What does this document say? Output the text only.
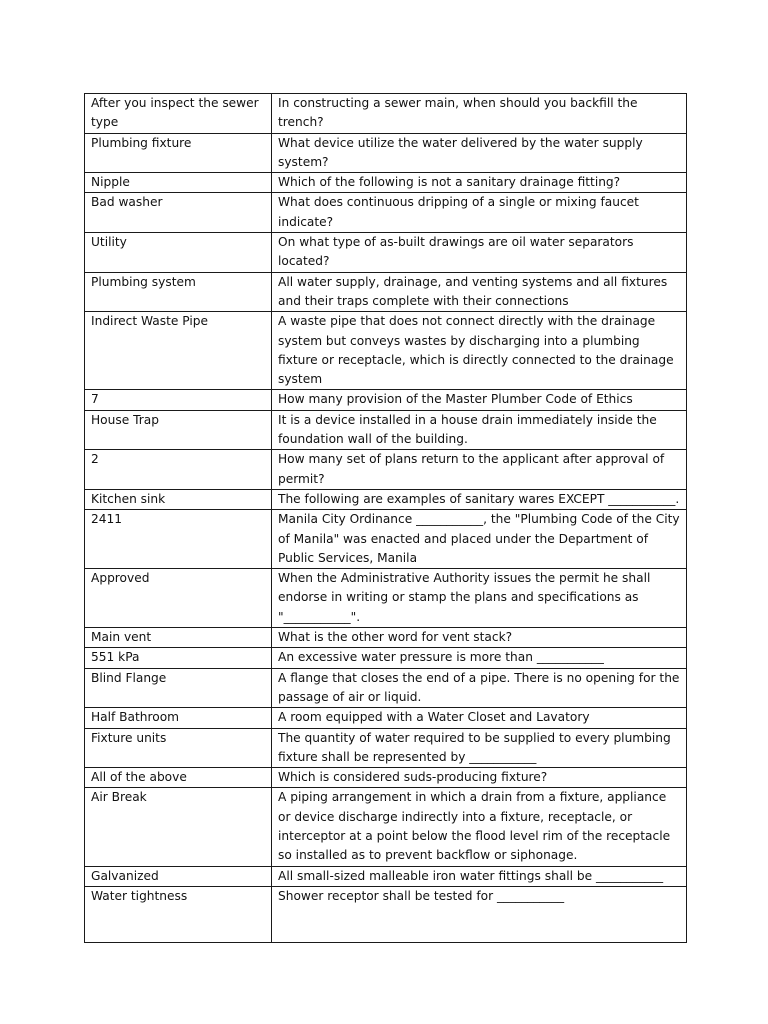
After you inspect the sewer type	In constructing a sewer main, when should you backfill the trench?
Plumbing fixture	What device utilize the water delivered by the water supply system?
Nipple	Which of the following is not a sanitary drainage fitting?
Bad washer	What does continuous dripping of a single or mixing faucet indicate?
Utility	On what type of as-built drawings are oil water separators located?
Plumbing system	All water supply, drainage, and venting systems and all fixtures and their traps complete with their connections
Indirect Waste Pipe	A waste pipe that does not connect directly with the drainage system but conveys wastes by discharging into a plumbing fixture or receptacle, which is directly connected to the drainage system
7	How many provision of the Master Plumber Code of Ethics
House Trap	It is a device installed in a house drain immediately inside the foundation wall of the building.
2	How many set of plans return to the applicant after approval of permit?
Kitchen sink	The following are examples of sanitary wares EXCEPT ___________.
2411	Manila City Ordinance ___________, the "Plumbing Code of the City of Manila" was enacted and placed under the Department of Public Services, Manila
Approved	When the Administrative Authority issues the permit he shall endorse in writing or stamp the plans and specifications as "___________".
Main vent	What is the other word for vent stack?
551 kPa	An excessive water pressure is more than ___________
Blind Flange	A flange that closes the end of a pipe. There is no opening for the passage of air or liquid.
Half Bathroom	A room equipped with a Water Closet and Lavatory
Fixture units	The quantity of water required to be supplied to every plumbing fixture shall be represented by ___________
All of the above	Which is considered suds-producing fixture?
Air Break	A piping arrangement in which a drain from a fixture, appliance or device discharge indirectly into a fixture, receptacle, or interceptor at a point below the flood level rim of the receptacle so installed as to prevent backflow or siphonage.
Galvanized	All small-sized malleable iron water fittings shall be ___________
Water tightness	Shower receptor shall be tested for ___________
